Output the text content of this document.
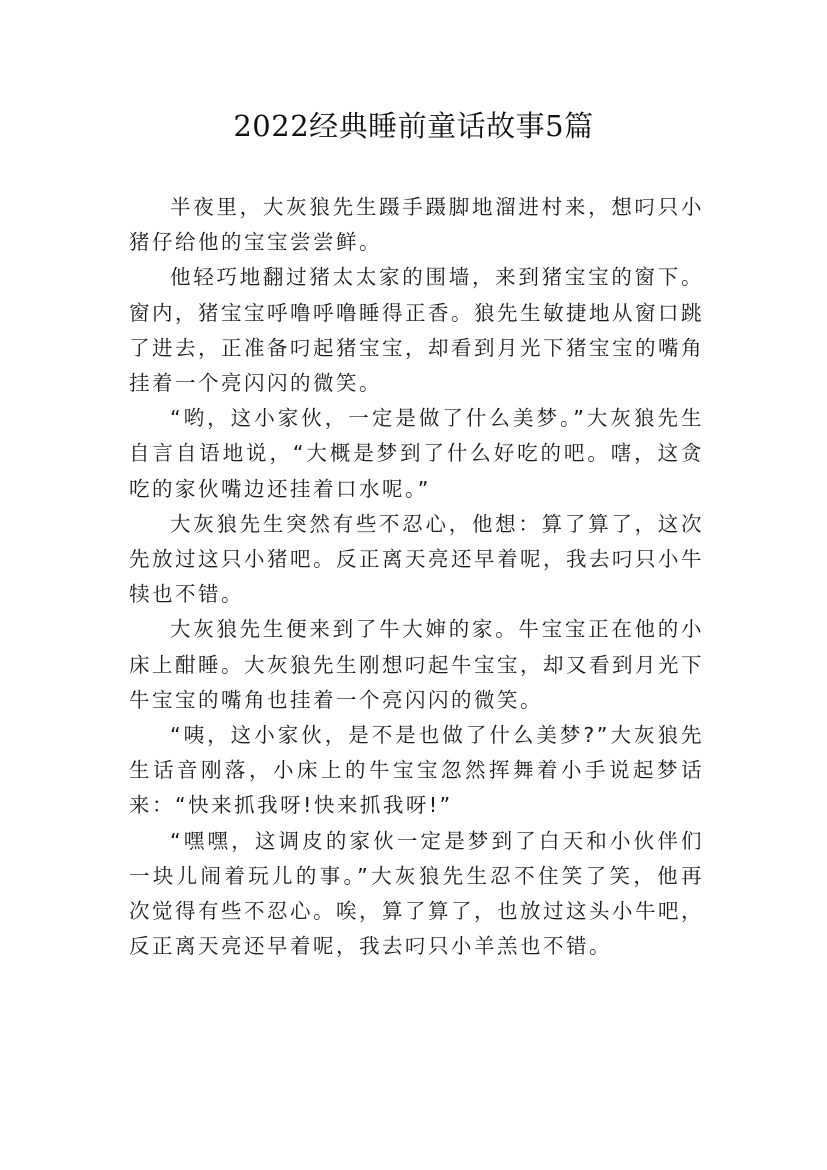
2022经典睡前童话故事5篇

半夜里，大灰狼先生蹑手蹑脚地溜进村来，想叼只小猪仔给他的宝宝尝尝鲜。

他轻巧地翻过猪太太家的围墙，来到猪宝宝的窗下。窗内，猪宝宝呼噜呼噜睡得正香。狼先生敏捷地从窗口跳了进去，正准备叼起猪宝宝，却看到月光下猪宝宝的嘴角挂着一个亮闪闪的微笑。

“哟，这小家伙，一定是做了什么美梦。”大灰狼先生自言自语地说，“大概是梦到了什么好吃的吧。嗐，这贪吃的家伙嘴边还挂着口水呢。”

大灰狼先生突然有些不忍心，他想：算了算了，这次先放过这只小猪吧。反正离天亮还早着呢，我去叼只小牛犊也不错。

大灰狼先生便来到了牛大婶的家。牛宝宝正在他的小床上酣睡。大灰狼先生刚想叼起牛宝宝，却又看到月光下牛宝宝的嘴角也挂着一个亮闪闪的微笑。

“咦，这小家伙，是不是也做了什么美梦?”大灰狼先生话音刚落，小床上的牛宝宝忽然挥舞着小手说起梦话来：“快来抓我呀!快来抓我呀!”

“嘿嘿，这调皮的家伙一定是梦到了白天和小伙伴们一块儿闹着玩儿的事。”大灰狼先生忍不住笑了笑，他再次觉得有些不忍心。唉，算了算了，也放过这头小牛吧，反正离天亮还早着呢，我去叼只小羊羔也不错。
